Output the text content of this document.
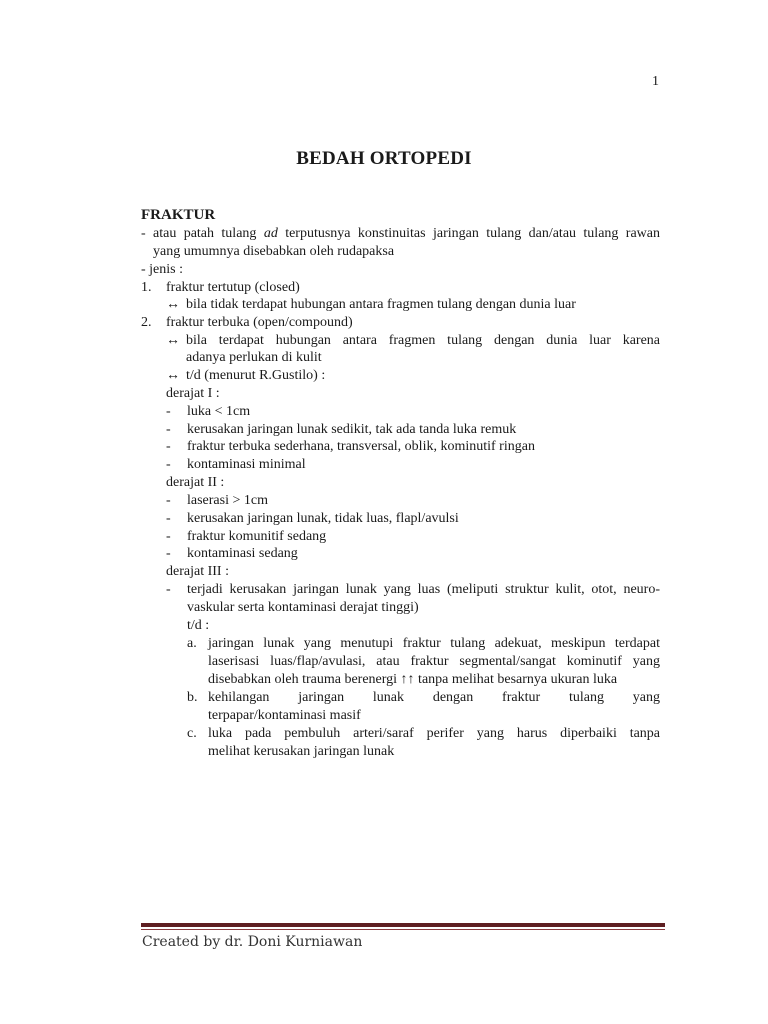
1
BEDAH ORTOPEDI
FRAKTUR
- atau patah tulang ad terputusnya konstinuitas jaringan tulang dan/atau tulang rawan
yang umumnya disebabkan oleh rudapaksa
- jenis :
1. fraktur tertutup (closed)
↔ bila tidak terdapat hubungan antara fragmen tulang dengan dunia luar
2. fraktur terbuka (open/compound)
↔ bila terdapat hubungan antara fragmen tulang dengan dunia luar karena
adanya perlukan di kulit
↔ t/d (menurut R.Gustilo) :
derajat I :
- luka < 1cm
- kerusakan jaringan lunak sedikit, tak ada tanda luka remuk
- fraktur terbuka sederhana, transversal, oblik, kominutif ringan
- kontaminasi minimal
derajat II :
- laserasi > 1cm
- kerusakan jaringan lunak, tidak luas, flapl/avulsi
- fraktur komunitif sedang
- kontaminasi sedang
derajat III :
- terjadi kerusakan jaringan lunak yang luas (meliputi struktur kulit, otot, neuro-
vaskular serta kontaminasi derajat tinggi)
t/d :
a. jaringan lunak yang menutupi fraktur tulang adekuat, meskipun terdapat
laserisasi luas/flap/avulasi, atau fraktur segmental/sangat kominutif yang
disebabkan oleh trauma berenergi ↑↑ tanpa melihat besarnya ukuran luka
b. kehilangan jaringan lunak dengan fraktur tulang yang
terpapar/kontaminasi masif
c. luka pada pembuluh arteri/saraf perifer yang harus diperbaiki tanpa
melihat kerusakan jaringan lunak
Created by dr. Doni Kurniawan
